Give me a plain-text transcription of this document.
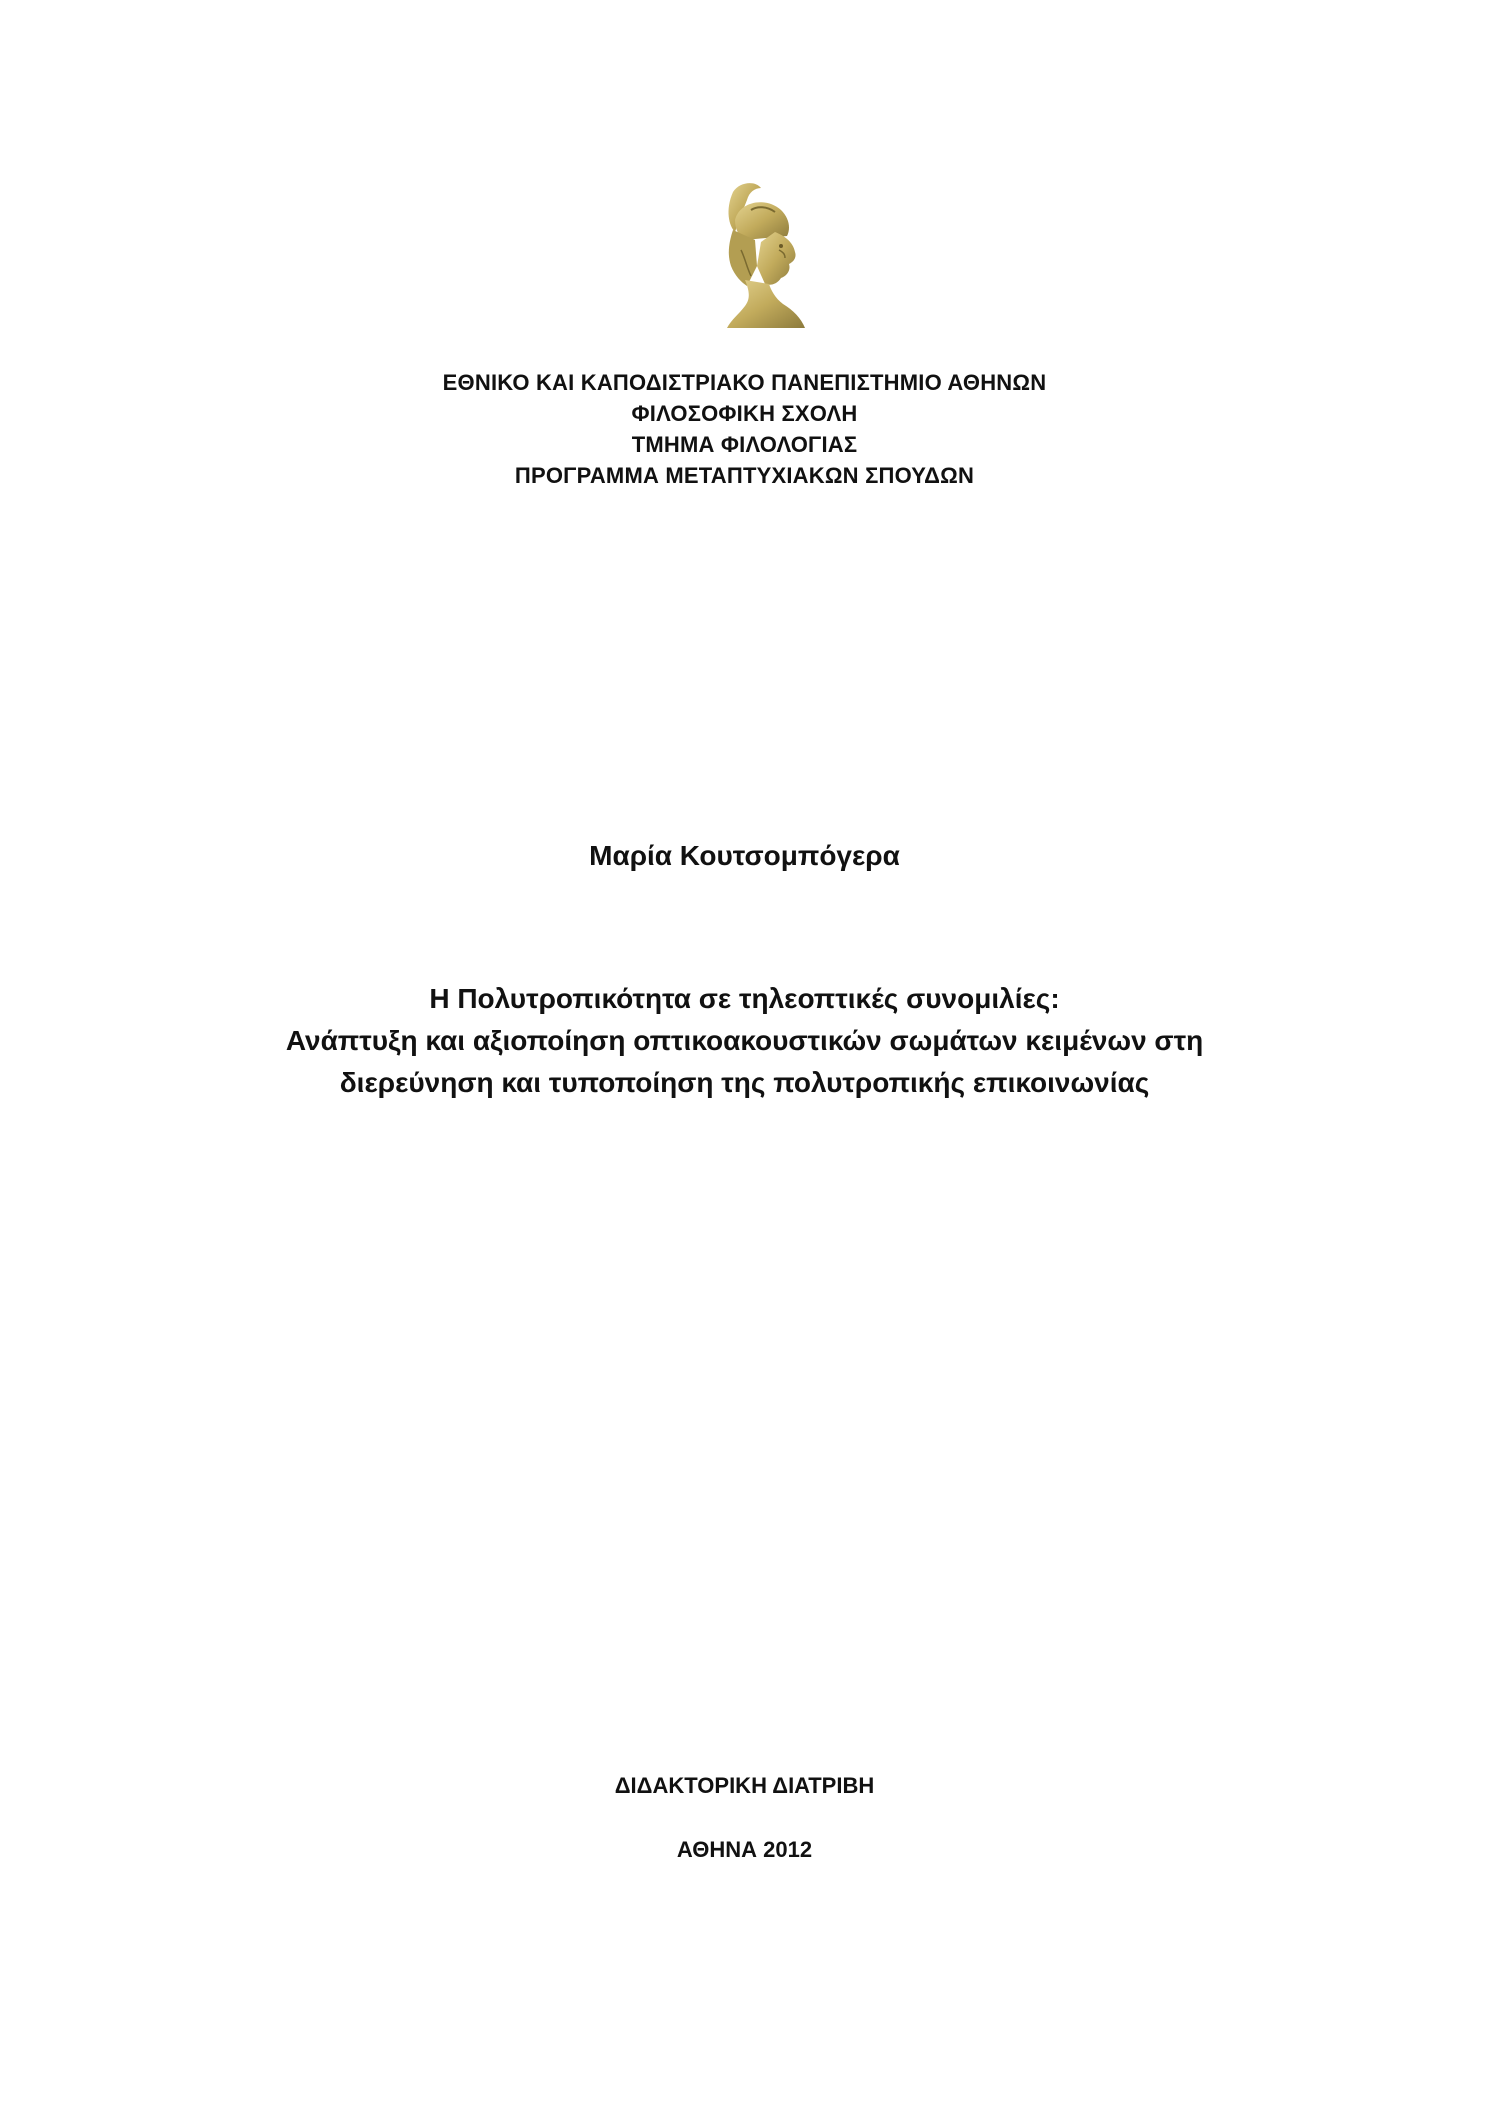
ΕΘΝΙΚΟ ΚΑΙ ΚΑΠΟΔΙΣΤΡΙΑΚΟ ΠΑΝΕΠΙΣΤΗΜΙΟ ΑΘΗΝΩΝ
ΦΙΛΟΣΟΦΙΚΗ ΣΧΟΛΗ
ΤΜΗΜΑ ΦΙΛΟΛΟΓΙΑΣ
ΠΡΟΓΡΑΜΜΑ ΜΕΤΑΠΤΥΧΙΑΚΩΝ ΣΠΟΥΔΩΝ
Μαρία Κουτσομπόγερα
Η Πολυτροπικότητα σε τηλεοπτικές συνομιλίες:
Ανάπτυξη και αξιοποίηση οπτικοακουστικών σωμάτων κειμένων στη
διερεύνηση και τυποποίηση της πολυτροπικής επικοινωνίας
ΔΙΔΑΚΤΟΡΙΚΗ ΔΙΑΤΡΙΒΗ
ΑΘΗΝΑ 2012
